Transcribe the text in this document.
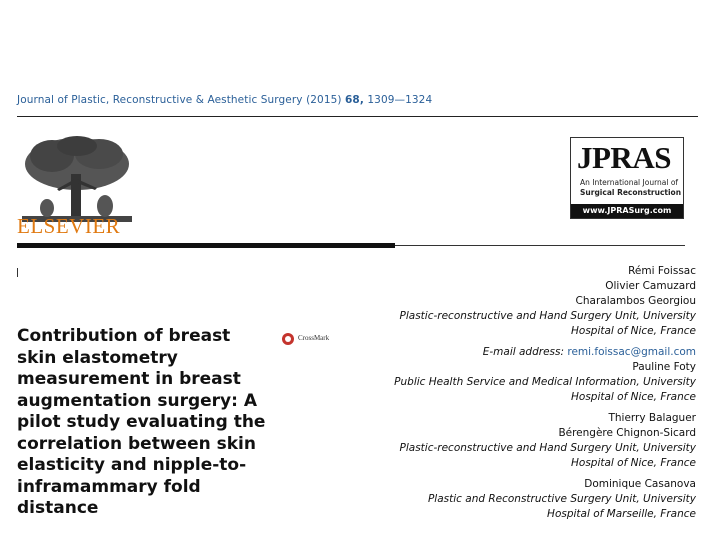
Journal of Plastic, Reconstructive & Aesthetic Surgery (2015) 68, 1309—1324
ELSEVIER
JPRAS
An International Journal of
Surgical Reconstruction
www.JPRASurg.com
Contribution of breast skin elastometry measurement in breast augmentation surgery: A pilot study evaluating the correlation between skin elasticity and nipple-to-inframammary fold distance
CrossMark
Rémi Foissac
Olivier Camuzard
Charalambos Georgiou
Plastic-reconstructive and Hand Surgery Unit, University
Hospital of Nice, France
E-mail address: remi.foissac@gmail.com
Pauline Foty
Public Health Service and Medical Information, University
Hospital of Nice, France
Thierry Balaguer
Bérengère Chignon-Sicard
Plastic-reconstructive and Hand Surgery Unit, University
Hospital of Nice, France
Dominique Casanova
Plastic and Reconstructive Surgery Unit, University
Hospital of Marseille, France
